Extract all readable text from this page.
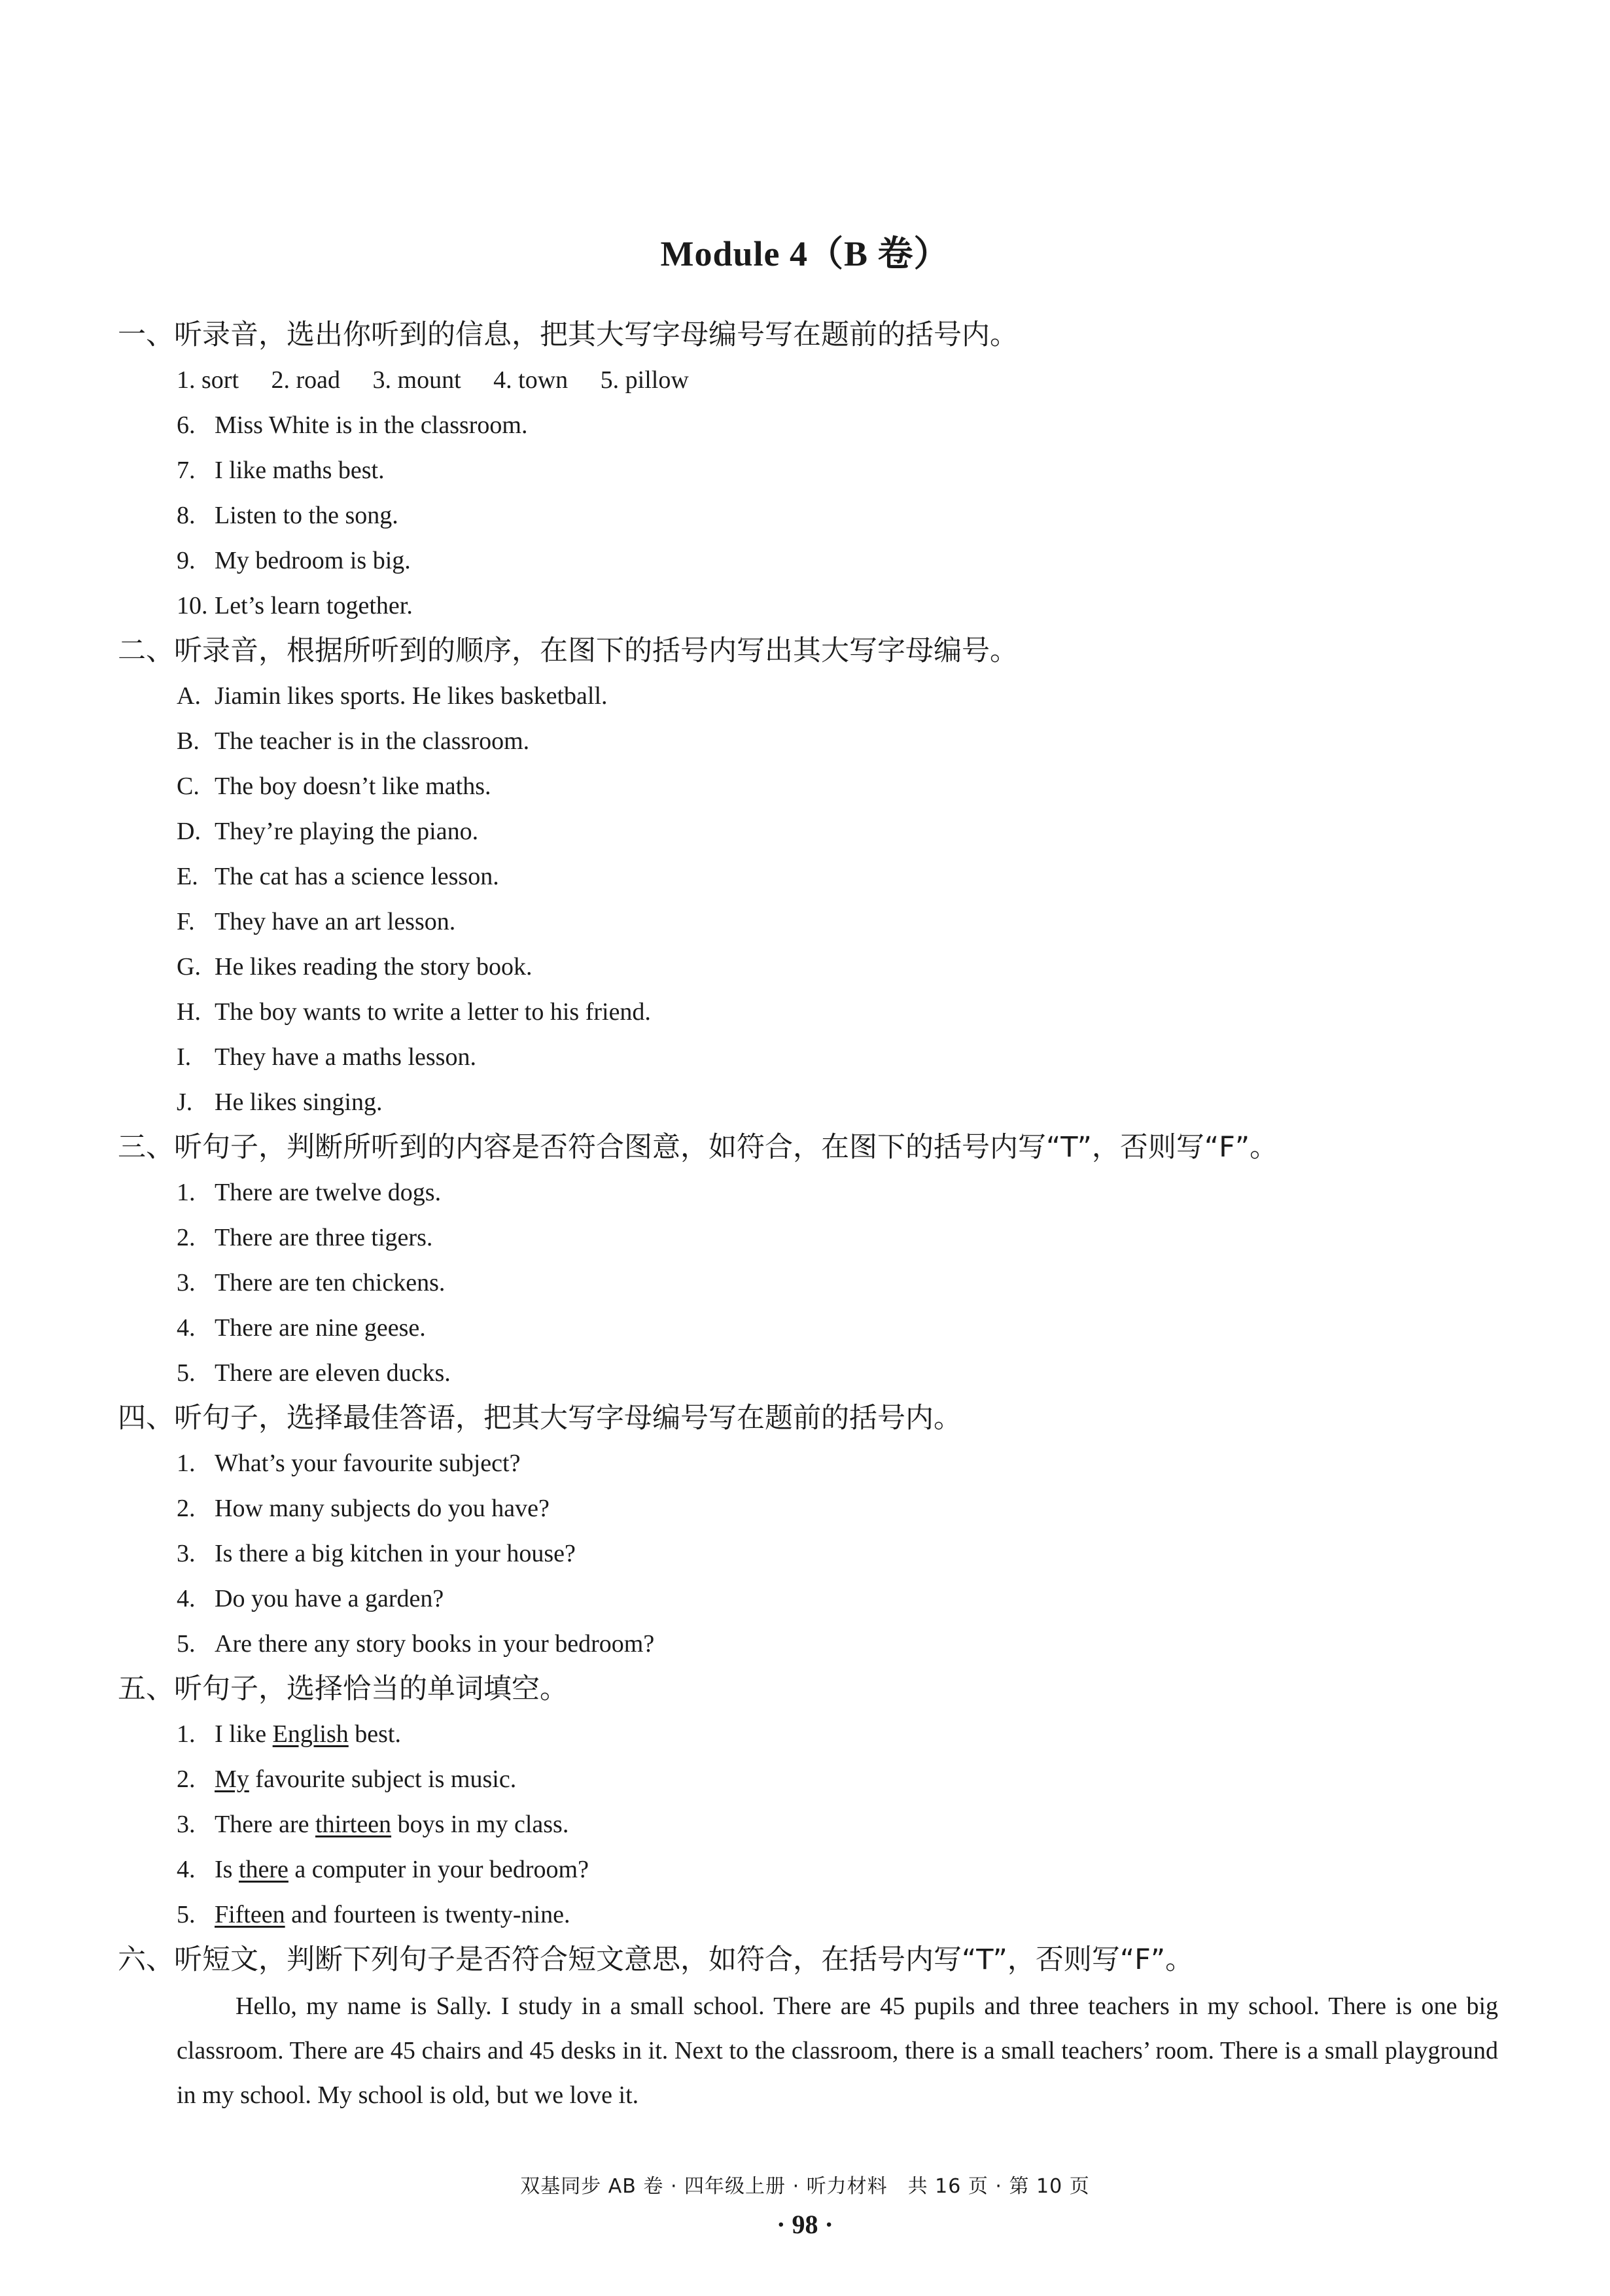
Module 4（B 卷）
一、听录音，选出你听到的信息，把其大写字母编号写在题前的括号内。
1. sort 2. road 3. mount 4. town 5. pillow
6. Miss White is in the classroom.
7. I like maths best.
8. Listen to the song.
9. My bedroom is big.
10. Let’s learn together.
二、听录音，根据所听到的顺序，在图下的括号内写出其大写字母编号。
A. Jiamin likes sports. He likes basketball.
B. The teacher is in the classroom.
C. The boy doesn’t like maths.
D. They’re playing the piano.
E. The cat has a science lesson.
F. They have an art lesson.
G. He likes reading the story book.
H. The boy wants to write a letter to his friend.
I. They have a maths lesson.
J. He likes singing.
三、听句子，判断所听到的内容是否符合图意，如符合，在图下的括号内写“T”，否则写“F”。
1. There are twelve dogs.
2. There are three tigers.
3. There are ten chickens.
4. There are nine geese.
5. There are eleven ducks.
四、听句子，选择最佳答语，把其大写字母编号写在题前的括号内。
1. What’s your favourite subject?
2. How many subjects do you have?
3. Is there a big kitchen in your house?
4. Do you have a garden?
5. Are there any story books in your bedroom?
五、听句子，选择恰当的单词填空。
1. I like English best.
2. My favourite subject is music.
3. There are thirteen boys in my class.
4. Is there a computer in your bedroom?
5. Fifteen and fourteen is twenty-nine.
六、听短文，判断下列句子是否符合短文意思，如符合，在括号内写“T”，否则写“F”。
Hello, my name is Sally. I study in a small school. There are 45 pupils and three teachers in my school. There is one big classroom. There are 45 chairs and 45 desks in it. Next to the classroom, there is a small teachers’ room. There is a small playground in my school. My school is old, but we love it.
双基同步 AB 卷 · 四年级上册 · 听力材料　共 16 页 · 第 10 页
· 98 ·
